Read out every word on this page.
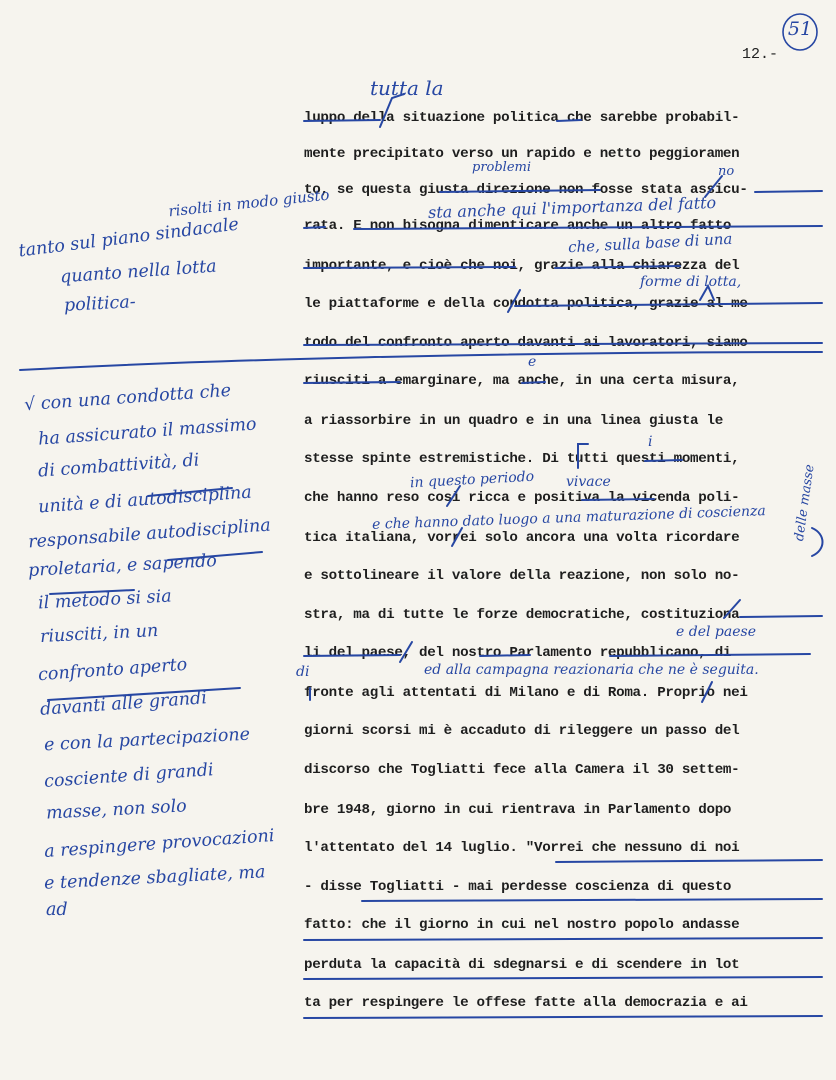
12.-
51
luppo della situazione politica che sarebbe probabil-
mente precipitato verso un rapido e netto peggioramen
to, se questa giusta direzione non fosse stata assicu-
rata. E non bisogna dimenticare anche un altro fatto
importante, e cioè che noi, grazie alla chiarezza del
le piattaforme e della condotta politica, grazie al me
todo del confronto aperto davanti ai lavoratori, siamo
riusciti a emarginare, ma anche, in una certa misura,
a riassorbire in un quadro e in una linea giusta le
stesse spinte estremistiche. Di tutti questi momenti,
che hanno reso così ricca e positiva la vicenda poli-
tica italiana, vorrei solo ancora una volta ricordare
e sottolineare il valore della reazione, non solo no-
stra, ma di tutte le forze democratiche, costituziona
li del paese, del nostro Parlamento repubblicano, di
fronte agli attentati di Milano e di Roma. Proprio nei
giorni scorsi mi è accaduto di rileggere un passo del
discorso che Togliatti fece alla Camera il 30 settem-
bre 1948, giorno in cui rientrava in Parlamento dopo
l'attentato del 14 luglio. "Vorrei che nessuno di noi
- disse Togliatti - mai perdesse coscienza di questo
fatto: che il giorno in cui nel nostro popolo andasse
perduta la capacità di sdegnarsi e di scendere in lot
ta per respingere le offese fatte alla democrazia e ai
tutta la
problemi	no
risolti in modo giusto	sta anche qui l'importanza del fatto
che, sulla base di una
forme di lotta,
e
i
in questo periodo vivace
e che hanno dato luogo a una maturazione di coscienza delle masse
e del paese
ed alla campagna reazionaria che ne è seguita.
di
tanto sul piano sindacale
quanto nella lotta
politica-
√ con una condotta che
ha assicurato il massimo
di combattività, di
unità e di autodisciplina
responsabile autodisciplina
proletaria, e sapendo
il metodo si sia
riusciti, in un
confronto aperto
davanti alle grandi
e con la partecipazione
cosciente di grandi
masse, non solo
a respingere provocazioni
e tendenze sbagliate, ma
ad
